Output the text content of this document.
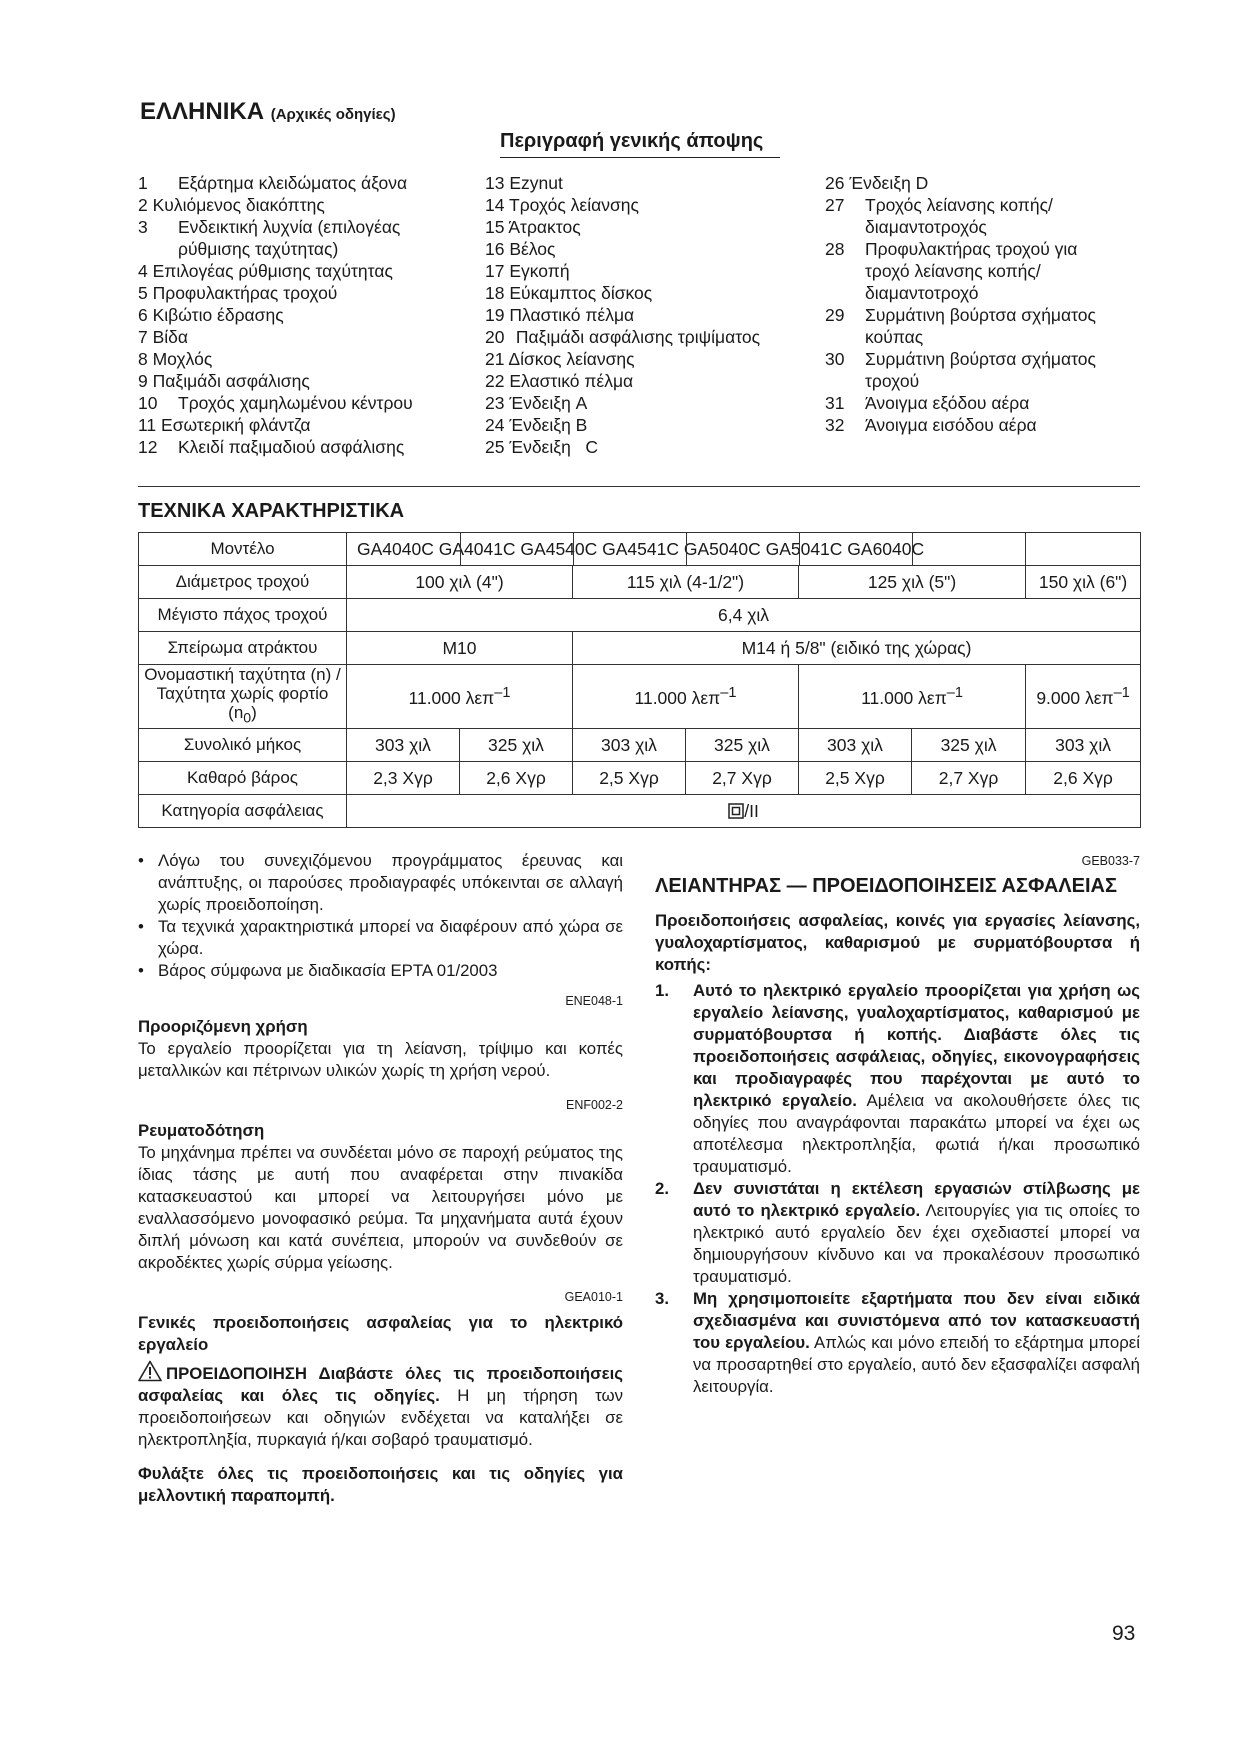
ΕΛΛΗΝΙΚΑ (Αρχικές οδηγίες)
Περιγραφή γενικής άποψης
1 Εξάρτημα κλειδώματος άξονα
2 Κυλιόμενος διακόπτης
3 Ενδεικτική λυχνία (επιλογέας
ρύθμισης ταχύτητας)
4 Επιλογέας ρύθμισης ταχύτητας
5 Προφυλακτήρας τροχού
6 Κιβώτιο έδρασης
7 Βίδα
8 Μοχλός
9 Παξιμάδι ασφάλισης
10 Τροχός χαμηλωμένου κέντρου
11 Εσωτερική φλάντζα
12 Κλειδί παξιμαδιού ασφάλισης
13 Ezynut
14 Τροχός λείανσης
15 Άτρακτος
16 Βέλος
17 Εγκοπή
18 Εύκαμπτος δίσκος
19 Πλαστικό πέλμα
20 Παξιμάδι ασφάλισης τριψίματος
21 Δίσκος λείανσης
22 Ελαστικό πέλμα
23 Ένδειξη A
24 Ένδειξη B
25 Ένδειξη   C
26 Ένδειξη D
27 Τροχός λείανσης κοπής/
διαμαντοτροχός
28 Προφυλακτήρας τροχού για
τροχό λείανσης κοπής/
διαμαντοτροχό
29 Συρμάτινη βούρτσα σχήματος
κούπας
30 Συρμάτινη βούρτσα σχήματος
τροχού
31 Άνοιγμα εξόδου αέρα
32 Άνοιγμα εισόδου αέρα
ΤΕΧΝΙΚΑ ΧΑΡΑΚΤΗΡΙΣΤΙΚΑ
Μοντέλο	GA4040C GA4041C GA4540C GA4541C GA5040C GA5041C GA6040C						

Διάμετρος τροχού	100 χιλ (4")		115 χιλ (4-1/2")		125 χιλ (5")		150 χιλ (6")
Μέγιστο πάχος τροχού	6,4 χιλ						
Σπείρωμα ατράκτου	M10		M14 ή 5/8" (ειδικό της χώρας)				
Ονομαστική ταχύτητα (n) /
Ταχύτητα χωρίς φορτίο $(n_0)$	11.000 λεπ$^{-1}$		11.000 λεπ$^{-1}$		11.000 λεπ$^{-1}$		9.000 λεπ$^{-1}$
Συνολικό μήκος	303 χιλ	325 χιλ	303 χιλ	325 χιλ	303 χιλ	325 χιλ	303 χιλ
Καθαρό βάρος	2,3 Χγρ	2,6 Χγρ	2,5 Χγρ	2,7 Χγρ	2,5 Χγρ	2,7 Χγρ	2,6 Χγρ
Κατηγορία ασφάλειας	/II						
• Λόγω του συνεχιζόμενου προγράμματος έρευνας και ανάπτυξης, οι παρούσες προδιαγραφές υπόκεινται σε αλλαγή χωρίς προειδοποίηση.
• Τα τεχνικά χαρακτηριστικά μπορεί να διαφέρουν από χώρα σε χώρα.
• Βάρος σύμφωνα με διαδικασία EPTA 01/2003
ENE048-1
Προοριζόμενη χρήση
Το εργαλείο προορίζεται για τη λείανση, τρίψιμο και κοπές μεταλλικών και πέτρινων υλικών χωρίς τη χρήση νερού.
ENF002-2
Ρευματοδότηση
Το μηχάνημα πρέπει να συνδέεται μόνο σε παροχή ρεύματος της ίδιας τάσης με αυτή που αναφέρεται στην πινακίδα κατασκευαστού και μπορεί να λειτουργήσει μόνο με εναλλασσόμενο μονοφασικό ρεύμα. Τα μηχανήματα αυτά έχουν διπλή μόνωση και κατά συνέπεια, μπορούν να συνδεθούν σε ακροδέκτες χωρίς σύρμα γείωσης.
GEA010-1
Γενικές προειδοποιήσεις ασφαλείας για το ηλεκτρικό εργαλείο
ΠΡΟΕΙΔΟΠΟΙΗΣΗ Διαβάστε όλες τις προειδοποιήσεις ασφαλείας και όλες τις οδηγίες. Η μη τήρηση των προειδοποιήσεων και οδηγιών ενδέχεται να καταλήξει σε ηλεκτροπληξία, πυρκαγιά ή/και σοβαρό τραυματισμό.
Φυλάξτε όλες τις προειδοποιήσεις και τις οδηγίες για μελλοντική παραπομπή.
GEB033-7
ΛΕΙΑΝΤΗΡΑΣ — ΠΡΟΕΙΔΟΠΟΙΗΣΕΙΣ ΑΣΦΑΛΕΙΑΣ
Προειδοποιήσεις ασφαλείας, κοινές για εργασίες λείανσης, γυαλοχαρτίσματος, καθαρισμού με συρματόβουρτσα ή κοπής:
1. Αυτό το ηλεκτρικό εργαλείο προορίζεται για χρήση ως εργαλείο λείανσης, γυαλοχαρτίσματος, καθαρισμού με συρματόβουρτσα ή κοπής. Διαβάστε όλες τις προειδοποιήσεις ασφάλειας, οδηγίες, εικονογραφήσεις και προδιαγραφές που παρέχονται με αυτό το ηλεκτρικό εργαλείο. Αμέλεια να ακολουθήσετε όλες τις οδηγίες που αναγράφονται παρακάτω μπορεί να έχει ως αποτέλεσμα ηλεκτροπληξία, φωτιά ή/και προσωπικό τραυματισμό.
2. Δεν συνιστάται η εκτέλεση εργασιών στίλβωσης με αυτό το ηλεκτρικό εργαλείο. Λειτουργίες για τις οποίες το ηλεκτρικό αυτό εργαλείο δεν έχει σχεδιαστεί μπορεί να δημιουργήσουν κίνδυνο και να προκαλέσουν προσωπικό τραυματισμό.
3. Μη χρησιμοποιείτε εξαρτήματα που δεν είναι ειδικά σχεδιασμένα και συνιστόμενα από τον κατασκευαστή του εργαλείου. Απλώς και μόνο επειδή το εξάρτημα μπορεί να προσαρτηθεί στο εργαλείο, αυτό δεν εξασφαλίζει ασφαλή λειτουργία.
93
